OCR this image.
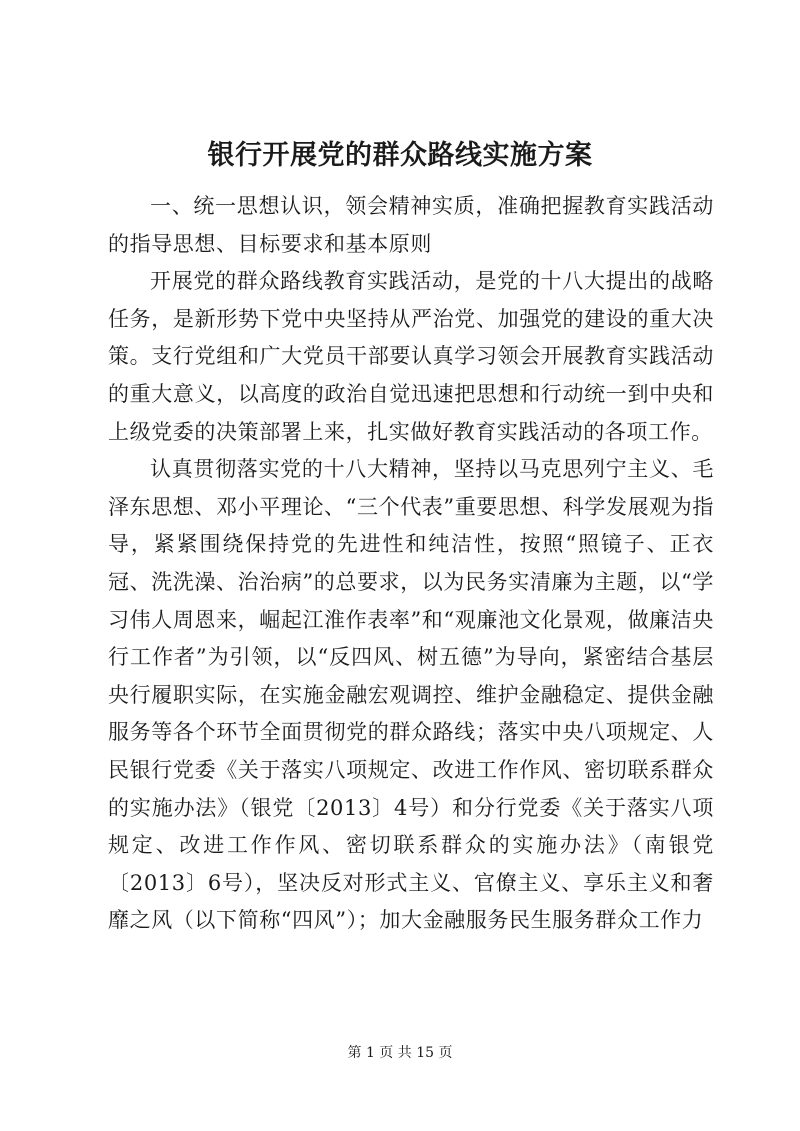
银行开展党的群众路线实施方案

一、统一思想认识，领会精神实质，准确把握教育实践活动的指导思想、目标要求和基本原则

开展党的群众路线教育实践活动，是党的十八大提出的战略任务，是新形势下党中央坚持从严治党、加强党的建设的重大决策。支行党组和广大党员干部要认真学习领会开展教育实践活动的重大意义，以高度的政治自觉迅速把思想和行动统一到中央和上级党委的决策部署上来，扎实做好教育实践活动的各项工作。

认真贯彻落实党的十八大精神，坚持以马克思列宁主义、毛泽东思想、邓小平理论、“三个代表”重要思想、科学发展观为指导，紧紧围绕保持党的先进性和纯洁性，按照“照镜子、正衣冠、洗洗澡、治治病”的总要求，以为民务实清廉为主题，以“学习伟人周恩来，崛起江淮作表率”和“观廉池文化景观，做廉洁央行工作者”为引领，以“反四风、树五德”为导向，紧密结合基层央行履职实际，在实施金融宏观调控、维护金融稳定、提供金融服务等各个环节全面贯彻党的群众路线；落实中央八项规定、人民银行党委《关于落实八项规定、改进工作作风、密切联系群众的实施办法》（银党〔2013〕4号）和分行党委《关于落实八项规定、改进工作作风、密切联系群众的实施办法》（南银党〔2013〕6号），坚决反对形式主义、官僚主义、享乐主义和奢靡之风（以下简称“四风”）；加大金融服务民生服务群众工作力

第 1 页 共 15 页
